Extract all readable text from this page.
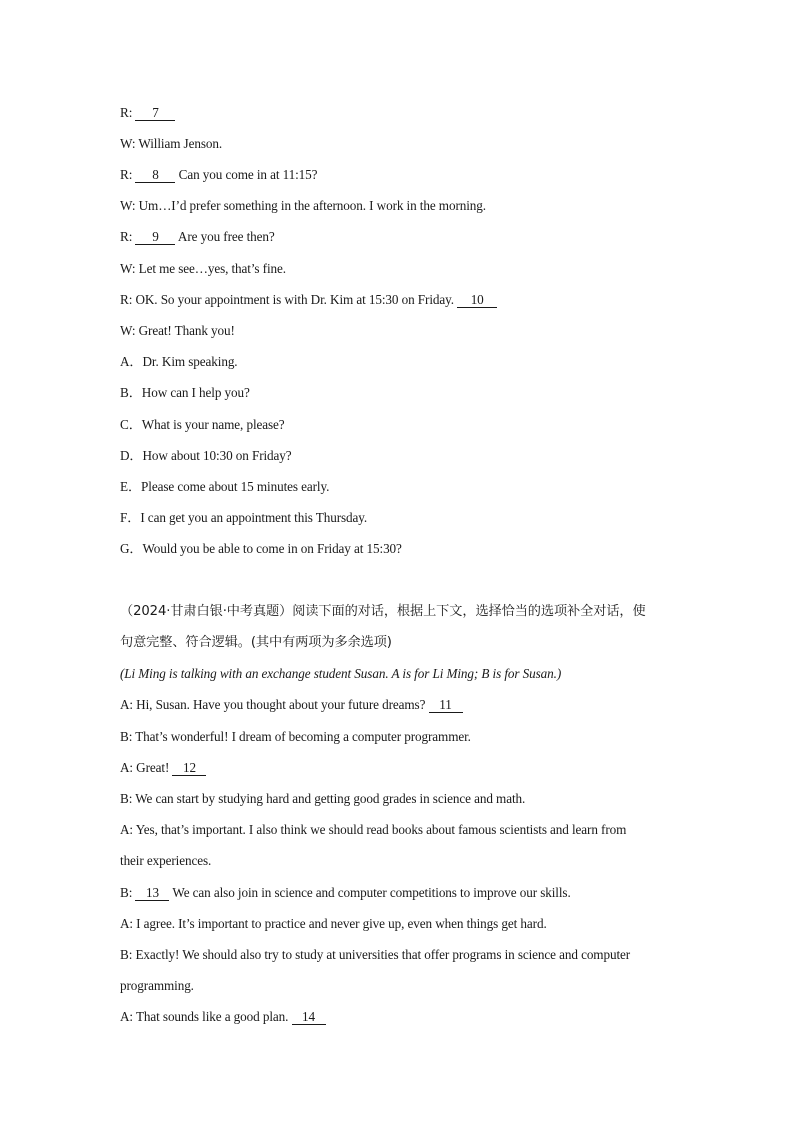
R: 7
W: William Jenson.
R: 8 Can you come in at 11:15?
W: Um…I’d prefer something in the afternoon. I work in the morning.
R: 9 Are you free then?
W: Let me see…yes, that’s fine.
R: OK. So your appointment is with Dr. Kim at 15:30 on Friday. 10
W: Great! Thank you!
A．Dr. Kim speaking.
B．How can I help you?
C．What is your name, please?
D．How about 10:30 on Friday?
E．Please come about 15 minutes early.
F．I can get you an appointment this Thursday.
G．Would you be able to come in on Friday at 15:30?
（2024·甘肃白银·中考真题）阅读下面的对话，根据上下文，选择恰当的选项补全对话，使
句意完整、符合逻辑。(其中有两项为多余选项)
(Li Ming is talking with an exchange student Susan. A is for Li Ming; B is for Susan.)
A: Hi, Susan. Have you thought about your future dreams? 11
B: That’s wonderful! I dream of becoming a computer programmer.
A: Great! 12
B: We can start by studying hard and getting good grades in science and math.
A: Yes, that’s important. I also think we should read books about famous scientists and learn from
their experiences.
B: 13 We can also join in science and computer competitions to improve our skills.
A: I agree. It’s important to practice and never give up, even when things get hard.
B: Exactly! We should also try to study at universities that offer programs in science and computer
programming.
A: That sounds like a good plan. 14
